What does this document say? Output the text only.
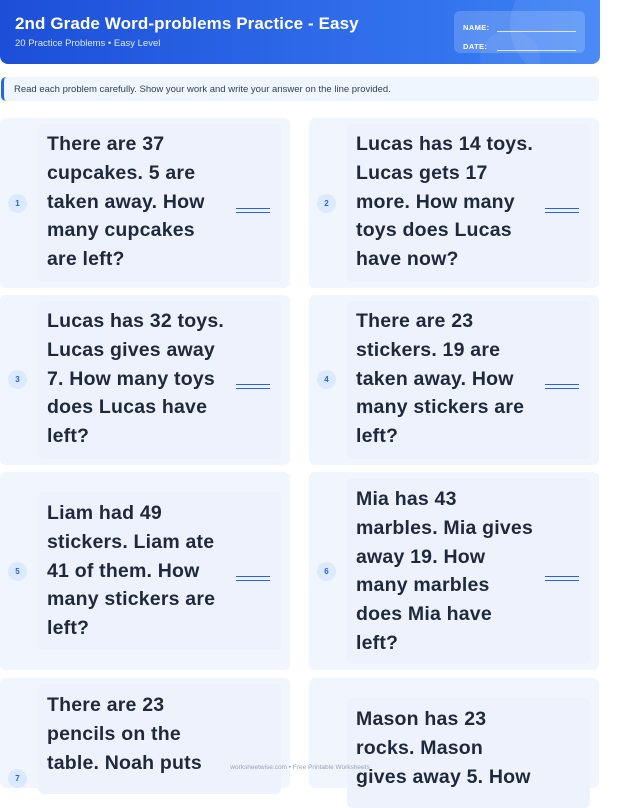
2nd Grade Word-problems Practice - Easy
20 Practice Problems • Easy Level
NAME:
DATE:
Read each problem carefully. Show your work and write your answer on the line provided.
1
There are 37 cupcakes. 5 are taken away. How many cupcakes are left?
2
Lucas has 14 toys. Lucas gets 17 more. How many toys does Lucas have now?
3
Lucas has 32 toys. Lucas gives away 7. How many toys does Lucas have left?
4
There are 23 stickers. 19 are taken away. How many stickers are left?
5
Liam had 49 stickers. Liam ate 41 of them. How many stickers are left?
6
Mia has 43 marbles. Mia gives away 19. How many marbles does Mia have left?
7
There are 23 pencils on the table. Noah puts
Mason has 23 rocks. Mason gives away 5. How
worksheetwise.com • Free Printable Worksheets
